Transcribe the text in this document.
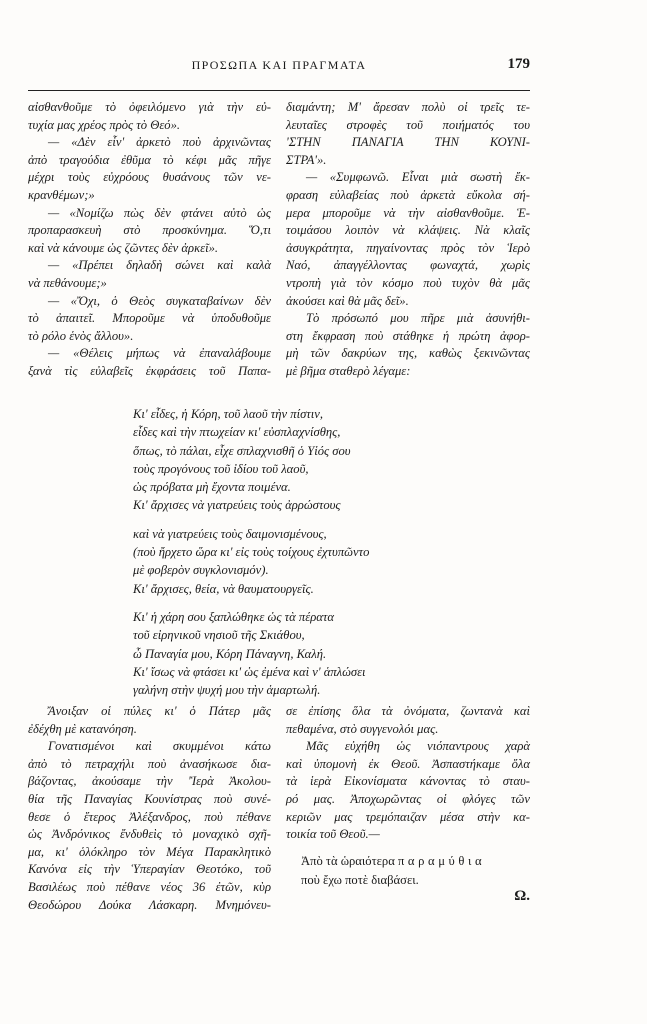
ΠΡΟΣΩΠΑ ΚΑΙ ΠΡΑΓΜΑΤΑ	179
αἰσθανθοῦμε τὸ ὀφειλόμενο γιὰ τὴν εὐ-
τυχία μας χρέος πρὸς τὸ Θεό».
— «Δὲν εἶν' ἀρκετὸ ποὺ ἀρχινῶντας
ἀπὸ τραγούδια ἐθῦμα τὸ κέφι μᾶς πῆγε
μέχρι τοὺς εὐχρόους θυσάνους τῶν νε-
κρανθέμων;»
— «Νομίζω πὼς δὲν φτάνει αὐτὸ ὡς
προπαρασκευὴ στὸ προσκύνημα. Ὅ,τι
καὶ νὰ κάνουμε ὡς ζῶντες δὲν ἀρκεῖ».
— «Πρέπει δηλαδὴ σώνει καὶ καλὰ
νὰ πεθάνουμε;»
— «Ὄχι, ὁ Θεὸς συγκαταβαίνων δὲν
τὸ ἀπαιτεῖ. Μποροῦμε νὰ ὑποδυθοῦμε
τὸ ρόλο ἑνὸς ἄλλου».
— «Θέλεις μήπως νὰ ἐπαναλάβουμε
ξανὰ τὶς εὐλαβεῖς ἐκφράσεις τοῦ Παπα-
διαμάντη; Μ' ἄρεσαν πολὺ οἱ τρεῖς τε-
λευταῖες στροφὲς τοῦ ποιήματός του
'ΣΤΗΝ ΠΑΝΑΓΙΑ ΤΗΝ ΚΟΥΝΙ-
ΣΤΡΑ'».
— «Συμφωνῶ. Εἶναι μιὰ σωστὴ ἔκ-
φραση εὐλαβείας ποὺ ἀρκετὰ εὔκολα σή-
μερα μποροῦμε νὰ τὴν αἰσθανθοῦμε. Ἑ-
τοιμάσου λοιπὸν νὰ κλάψεις. Νὰ κλαῖς
ἀσυγκράτητα, πηγαίνοντας πρὸς τὸν Ἱερὸ
Ναό, ἀπαγγέλλοντας φωναχτά, χωρὶς
ντροπὴ γιὰ τὸν κόσμο ποὺ τυχὸν θὰ μᾶς
ἀκούσει καὶ θὰ μᾶς δεῖ».
Τὸ πρόσωπό μου πῆρε μιὰ ἀσυνήθι-
στη ἔκφραση ποὺ στάθηκε ἡ πρώτη ἀφορ-
μὴ τῶν δακρύων της, καθὼς ξεκινῶντας
μὲ βῆμα σταθερὸ λέγαμε:
Κι' εἶδες, ἡ Κόρη, τοῦ λαοῦ τὴν πίστιν,
εἶδες καὶ τὴν πτωχείαν κι' εὐσπλαχνίσθης,
ὅπως, τὸ πάλαι, εἶχε σπλαχνισθῆ ὁ Υἱός σου
τοὺς προγόνους τοῦ ἰδίου τοῦ λαοῦ,
ὡς πρόβατα μὴ ἔχοντα ποιμένα.
Κι' ἄρχισες νὰ γιατρεύεις τοὺς ἀρρώστους
καὶ νὰ γιατρεύεις τοὺς δαιμονισμένους,
(ποὺ ἤρχετο ὥρα κι' εἰς τοὺς τοίχους ἐχτυπῶντο
μὲ φοβερὸν συγκλονισμόν).
Κι' ἄρχισες, θεία, νὰ θαυματουργεῖς.
Κι' ἡ χάρη σου ξαπλώθηκε ὡς τὰ πέρατα
τοῦ εἰρηνικοῦ νησιοῦ τῆς Σκιάθου,
ὦ Παναγία μου, Κόρη Πάναγνη, Καλή.
Κι' ἴσως νὰ φτάσει κι' ὡς ἐμένα καὶ ν' ἁπλώσει
γαλήνη στὴν ψυχή μου τὴν ἁμαρτωλή.
Ἄνοιξαν οἱ πύλες κι' ὁ Πάτερ μᾶς
ἐδέχθη μὲ κατανόηση.
Γονατισμένοι καὶ σκυμμένοι κάτω
ἀπὸ τὸ πετραχήλι ποὺ ἀνασήκωσε δια-
βάζοντας, ἀκούσαμε τὴν 'Ἱερὰ Ἀκολου-
θία τῆς Παναγίας Κουνίστρας ποὺ συνέ-
θεσε ὁ ἕτερος Ἀλέξανδρος, ποὺ πέθανε
ὡς Ἀνδρόνικος ἔνδυθεὶς τὸ μοναχικὸ σχῆ-
μα, κι' ὁλόκληρο τὸν Μέγα Παρακλητικὸ
Κανόνα εἰς τὴν Ὑπεραγίαν Θεοτόκο, τοῦ
Βασιλέως ποὺ πέθανε νέος 36 ἐτῶν, κὺρ
Θεοδώρου Δούκα Λάσκαρη. Μνημόνευ-
σε ἐπίσης ὅλα τὰ ὀνόματα, ζωντανὰ καὶ
πεθαμένα, στὸ συγγενολόι μας.
Μᾶς εὐχήθη ὡς νιόπαντρους χαρὰ
καὶ ὑπομονὴ ἐκ Θεοῦ. Ἀσπαστήκαμε ὅλα
τὰ ἱερὰ Εἰκονίσματα κάνοντας τὸ σταυ-
ρό μας. Ἀποχωρῶντας οἱ φλόγες τῶν
κεριῶν μας τρεμόπαιζαν μέσα στὴν κα-
τοικία τοῦ Θεοῦ.—
Ἀπὸ τὰ ὡραιότερα παραμύθια
ποὺ ἔχω ποτὲ διαβάσει.
Ω.
